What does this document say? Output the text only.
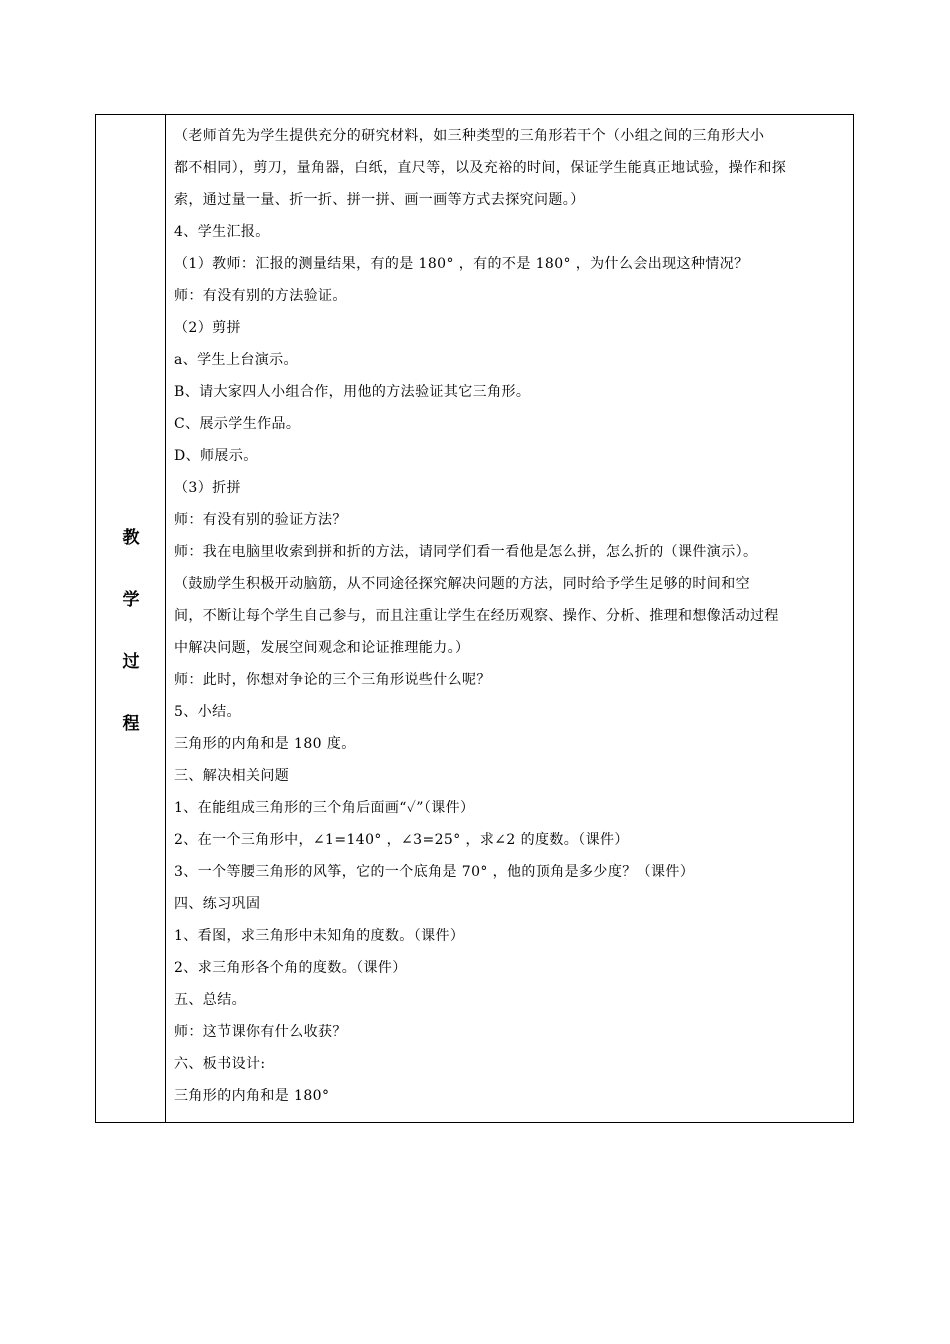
教
学
过
程
（老师首先为学生提供充分的研究材料，如三种类型的三角形若干个（小组之间的三角形大小
都不相同），剪刀，量角器，白纸，直尺等，以及充裕的时间，保证学生能真正地试验，操作和探
索，通过量一量、折一折、拼一拼、画一画等方式去探究问题。）
4、学生汇报。
（1）教师：汇报的测量结果，有的是 180° ，有的不是 180° ，为什么会出现这种情况？
师：有没有别的方法验证。
（2）剪拼
a、学生上台演示。
B、请大家四人小组合作，用他的方法验证其它三角形。
C、展示学生作品。
D、师展示。
（3）折拼
师：有没有别的验证方法？
师：我在电脑里收索到拼和折的方法，请同学们看一看他是怎么拼，怎么折的（课件演示）。
（鼓励学生积极开动脑筋，从不同途径探究解决问题的方法，同时给予学生足够的时间和空
间，不断让每个学生自己参与，而且注重让学生在经历观察、操作、分析、推理和想像活动过程
中解决问题，发展空间观念和论证推理能力。）
师：此时，你想对争论的三个三角形说些什么呢？
5、小结。
三角形的内角和是 180 度。
三、解决相关问题
1、在能组成三角形的三个角后面画“✓”（课件）
2、在一个三角形中，∠1=140° ，∠3=25° ，求∠2 的度数。（课件）
3、一个等腰三角形的风筝，它的一个底角是 70° ，他的顶角是多少度？（课件）
四、练习巩固
1、看图，求三角形中未知角的度数。（课件）
2、求三角形各个角的度数。（课件）
五、总结。
师：这节课你有什么收获？
六、板书设计:
三角形的内角和是 180°
